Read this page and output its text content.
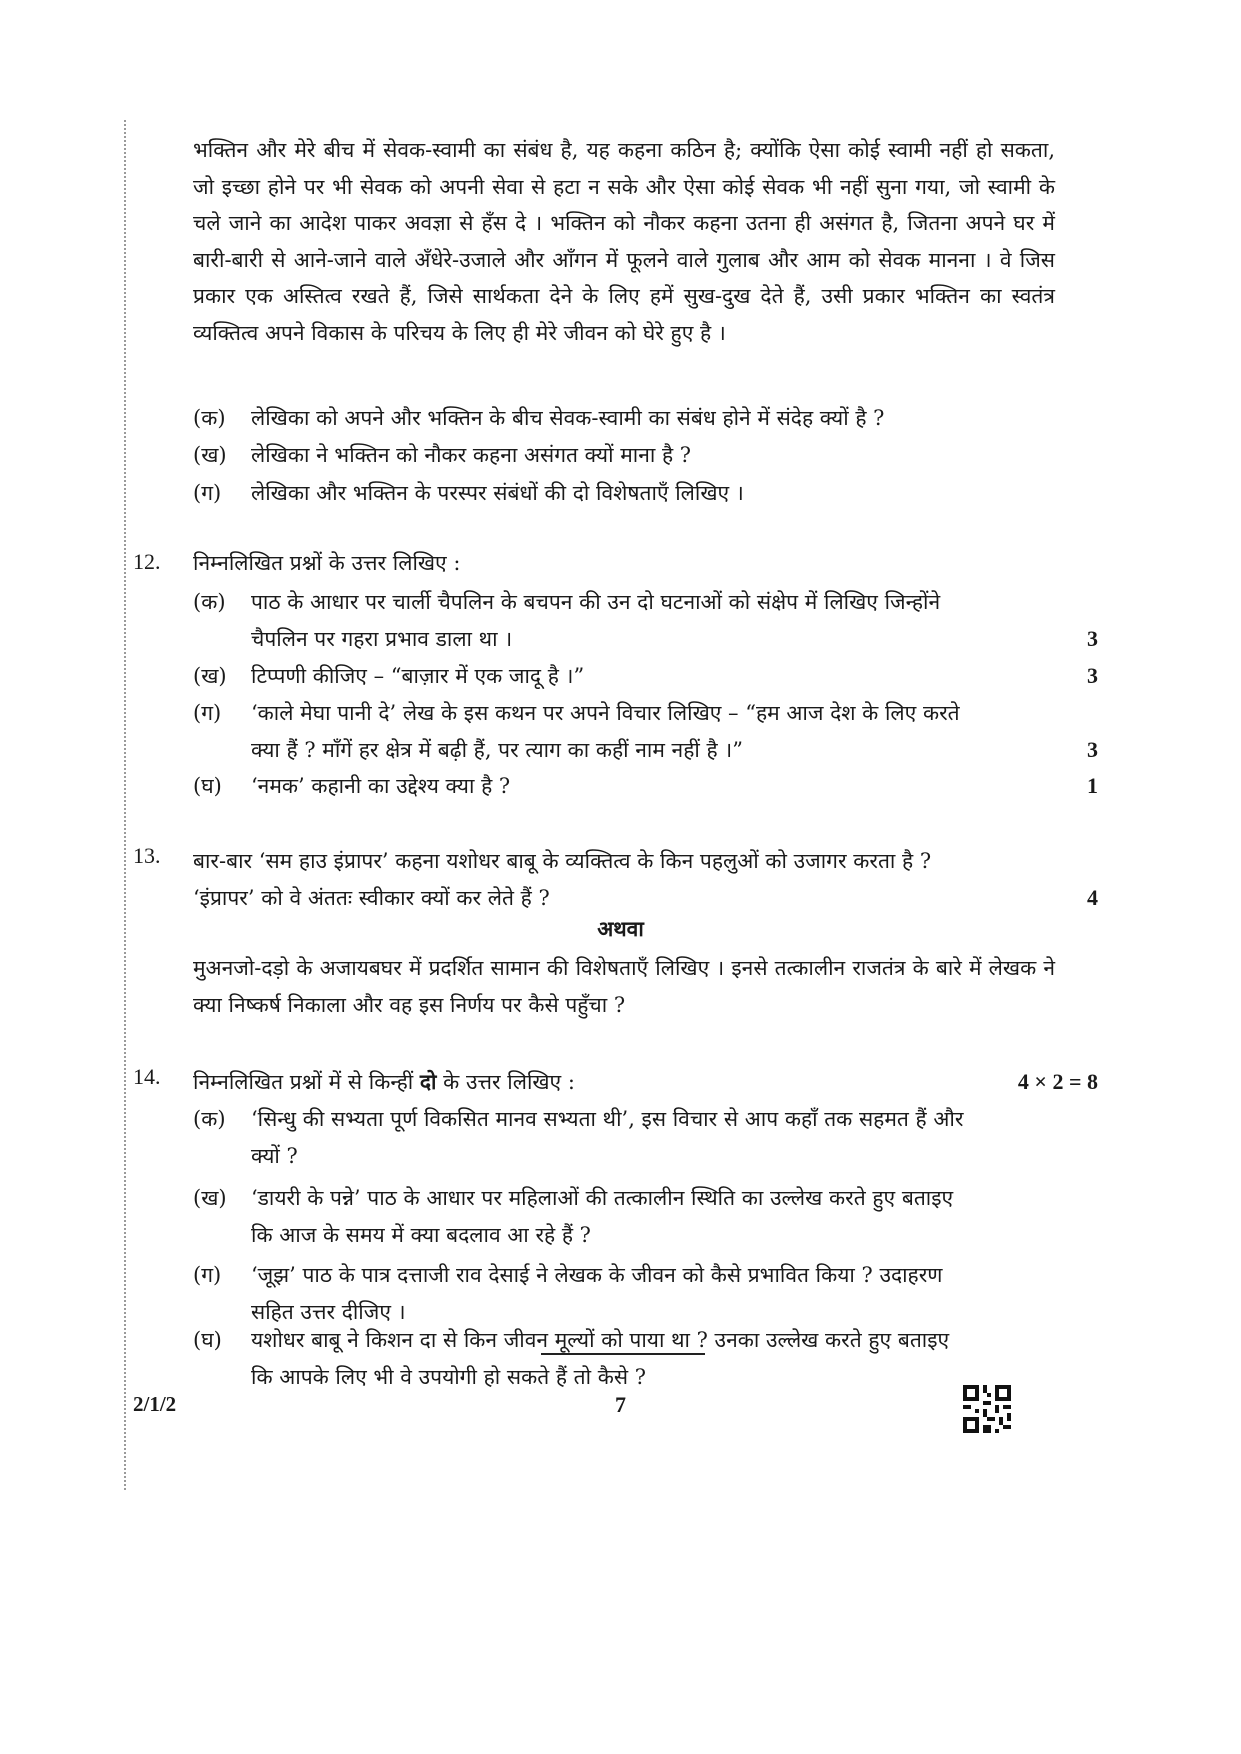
भक्तिन और मेरे बीच में सेवक-स्वामी का संबंध है, यह कहना कठिन है; क्योंकि ऐसा कोई स्वामी नहीं हो सकता, जो इच्छा होने पर भी सेवक को अपनी सेवा से हटा न सके और ऐसा कोई सेवक भी नहीं सुना गया, जो स्वामी के चले जाने का आदेश पाकर अवज्ञा से हँस दे । भक्तिन को नौकर कहना उतना ही असंगत है, जितना अपने घर में बारी-बारी से आने-जाने वाले अँधेरे-उजाले और आँगन में फूलने वाले गुलाब और आम को सेवक मानना । वे जिस प्रकार एक अस्तित्व रखते हैं, जिसे सार्थकता देने के लिए हमें सुख-दुख देते हैं, उसी प्रकार भक्तिन का स्वतंत्र व्यक्तित्व अपने विकास के परिचय के लिए ही मेरे जीवन को घेरे हुए है ।
(क) लेखिका को अपने और भक्तिन के बीच सेवक-स्वामी का संबंध होने में संदेह क्यों है ?
(ख) लेखिका ने भक्तिन को नौकर कहना असंगत क्यों माना है ?
(ग) लेखिका और भक्तिन के परस्पर संबंधों की दो विशेषताएँ लिखिए ।
12. निम्नलिखित प्रश्नों के उत्तर लिखिए :
(क) पाठ के आधार पर चार्ली चैपलिन के बचपन की उन दो घटनाओं को संक्षेप में लिखिए जिन्होंने
चैपलिन पर गहरा प्रभाव डाला था ।	3
(ख) टिप्पणी कीजिए – “बाज़ार में एक जादू है ।”	3
(ग) ‘काले मेघा पानी दे’ लेख के इस कथन पर अपने विचार लिखिए – “हम आज देश के लिए करते
क्या हैं ? माँगें हर क्षेत्र में बढ़ी हैं, पर त्याग का कहीं नाम नहीं है ।”	3
(घ) ‘नमक’ कहानी का उद्देश्य क्या है ?	1
13. बार-बार ‘सम हाउ इंप्रापर’ कहना यशोधर बाबू के व्यक्तित्व के किन पहलुओं को उजागर करता है ?
‘इंप्रापर’ को वे अंततः स्वीकार क्यों कर लेते हैं ?	4
अथवा
मुअनजो-दड़ो के अजायबघर में प्रदर्शित सामान की विशेषताएँ लिखिए । इनसे तत्कालीन राजतंत्र के बारे में लेखक ने क्या निष्कर्ष निकाला और वह इस निर्णय पर कैसे पहुँचा ?
14. निम्नलिखित प्रश्नों में से किन्हीं दो के उत्तर लिखिए :	4 × 2 = 8
(क) ‘सिन्धु की सभ्यता पूर्ण विकसित मानव सभ्यता थी’, इस विचार से आप कहाँ तक सहमत हैं और
क्यों ?
(ख) ‘डायरी के पन्ने’ पाठ के आधार पर महिलाओं की तत्कालीन स्थिति का उल्लेख करते हुए बताइए
कि आज के समय में क्या बदलाव आ रहे हैं ?
(ग) ‘जूझ’ पाठ के पात्र दत्ताजी राव देसाई ने लेखक के जीवन को कैसे प्रभावित किया ? उदाहरण
सहित उत्तर दीजिए ।
(घ) यशोधर बाबू ने किशन दा से किन जीवन मूल्यों को पाया था ? उनका उल्लेख करते हुए बताइए
कि आपके लिए भी वे उपयोगी हो सकते हैं तो कैसे ?
2/1/2	7
